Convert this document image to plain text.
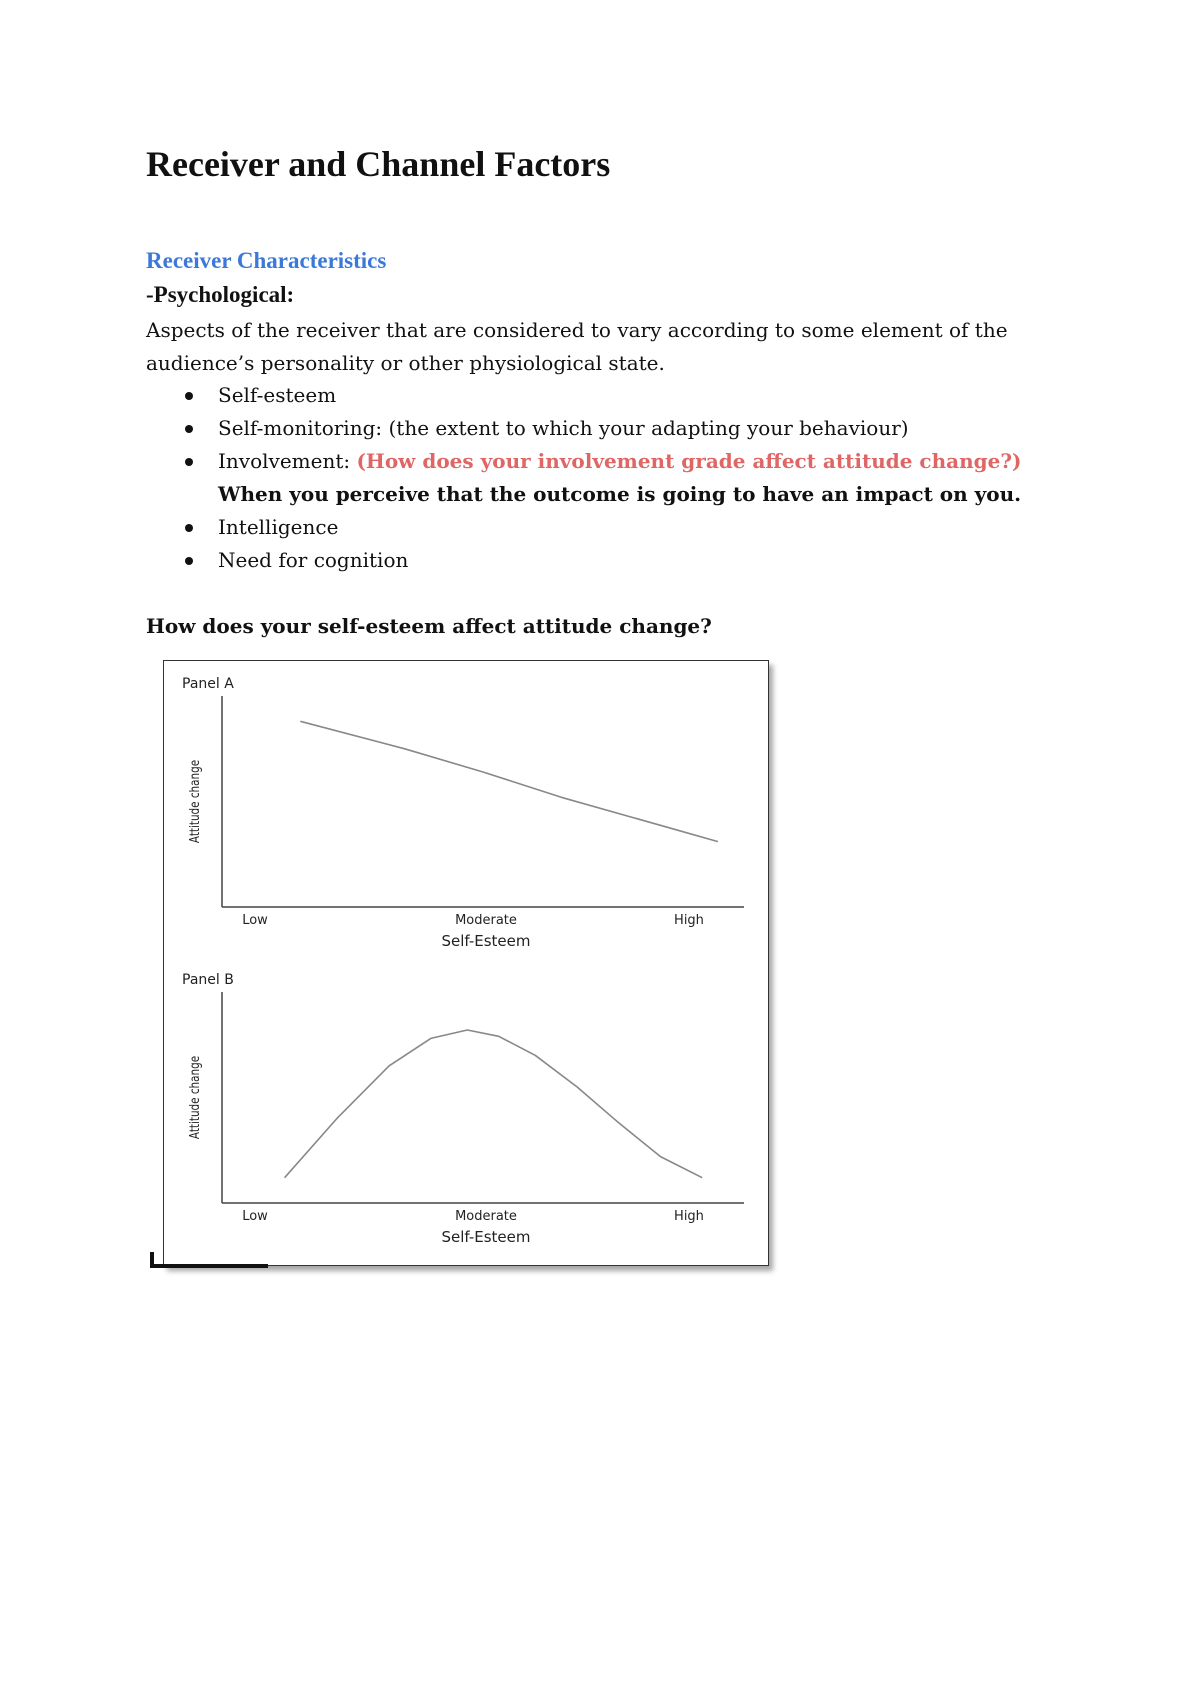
Receiver and Channel Factors
Receiver Characteristics
-Psychological:

Aspects of the receiver that are considered to vary according to some element of the audience’s personality or other physiological state.

Self-esteem
Self-monitoring: (the extent to which your adapting your behaviour)
Involvement: (How does your involvement grade affect attitude change?) When you perceive that the outcome is going to have an impact on you.
Intelligence
Need for cognition

How does your self-esteem affect attitude change?

Panel A
Attitude change
Low	Moderate	High
Self-Esteem
Panel B
Attitude change
Low	Moderate	High
Self-Esteem
